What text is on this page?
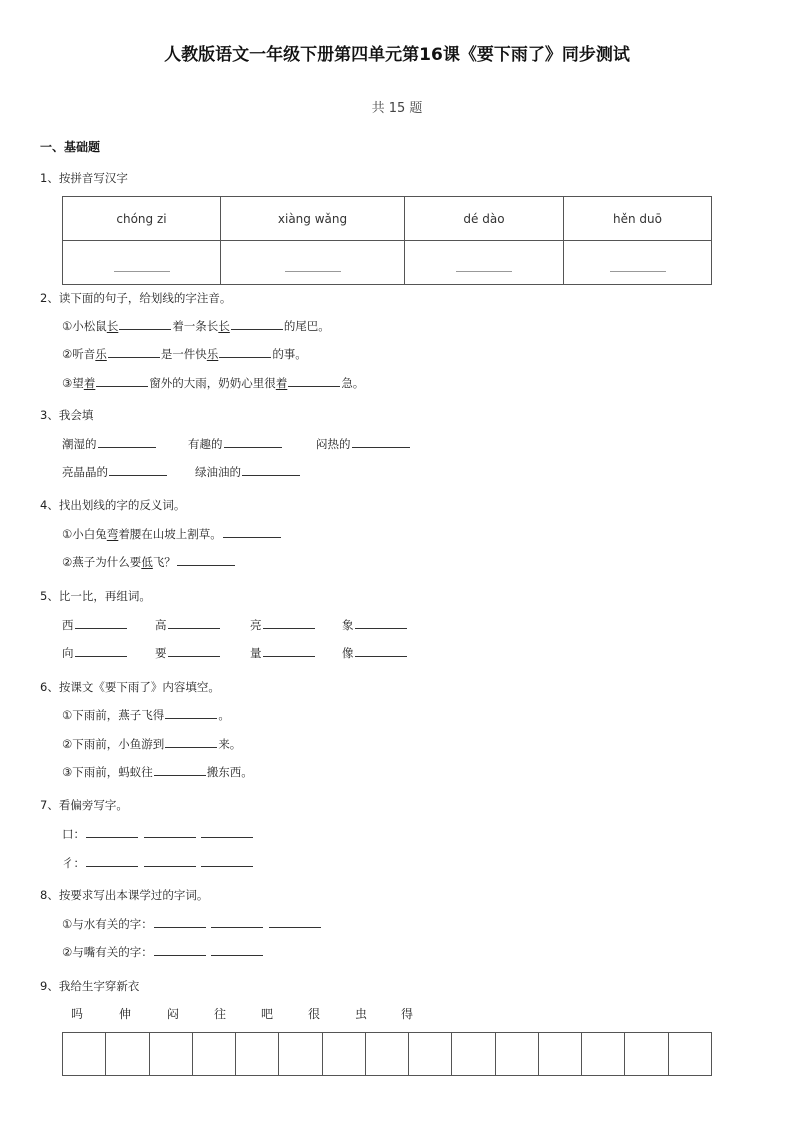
人教版语文一年级下册第四单元第16课《要下雨了》同步测试
共 15 题
一、基础题
1、按拼音写汉字
chóng zi	xiàng wǎng	dé dào	hěn duō

2、读下面的句子，给划线的字注音。
①小松鼠长	着一条长长	的尾巴。
②听音乐	是一件快乐	的事。
③望着	窗外的大雨，奶奶心里很着	急。
3、我会填
潮湿的	有趣的	闷热的
亮晶晶的	绿油油的
4、找出划线的字的反义词。
①小白兔弯着腰在山坡上割草。
②燕子为什么要低飞？
5、比一比，再组词。
西	高	亮	象
向	要	量	像
6、按课文《要下雨了》内容填空。
①下雨前，燕子飞得	。
②下雨前，小鱼游到	来。
③下雨前，蚂蚁往	搬东西。
7、看偏旁写字。
口：
彳：
8、按要求写出本课学过的字词。
①与水有关的字：
②与嘴有关的字：
9、我给生字穿新衣
吗	伸	闷	往	吧	很	虫	得
